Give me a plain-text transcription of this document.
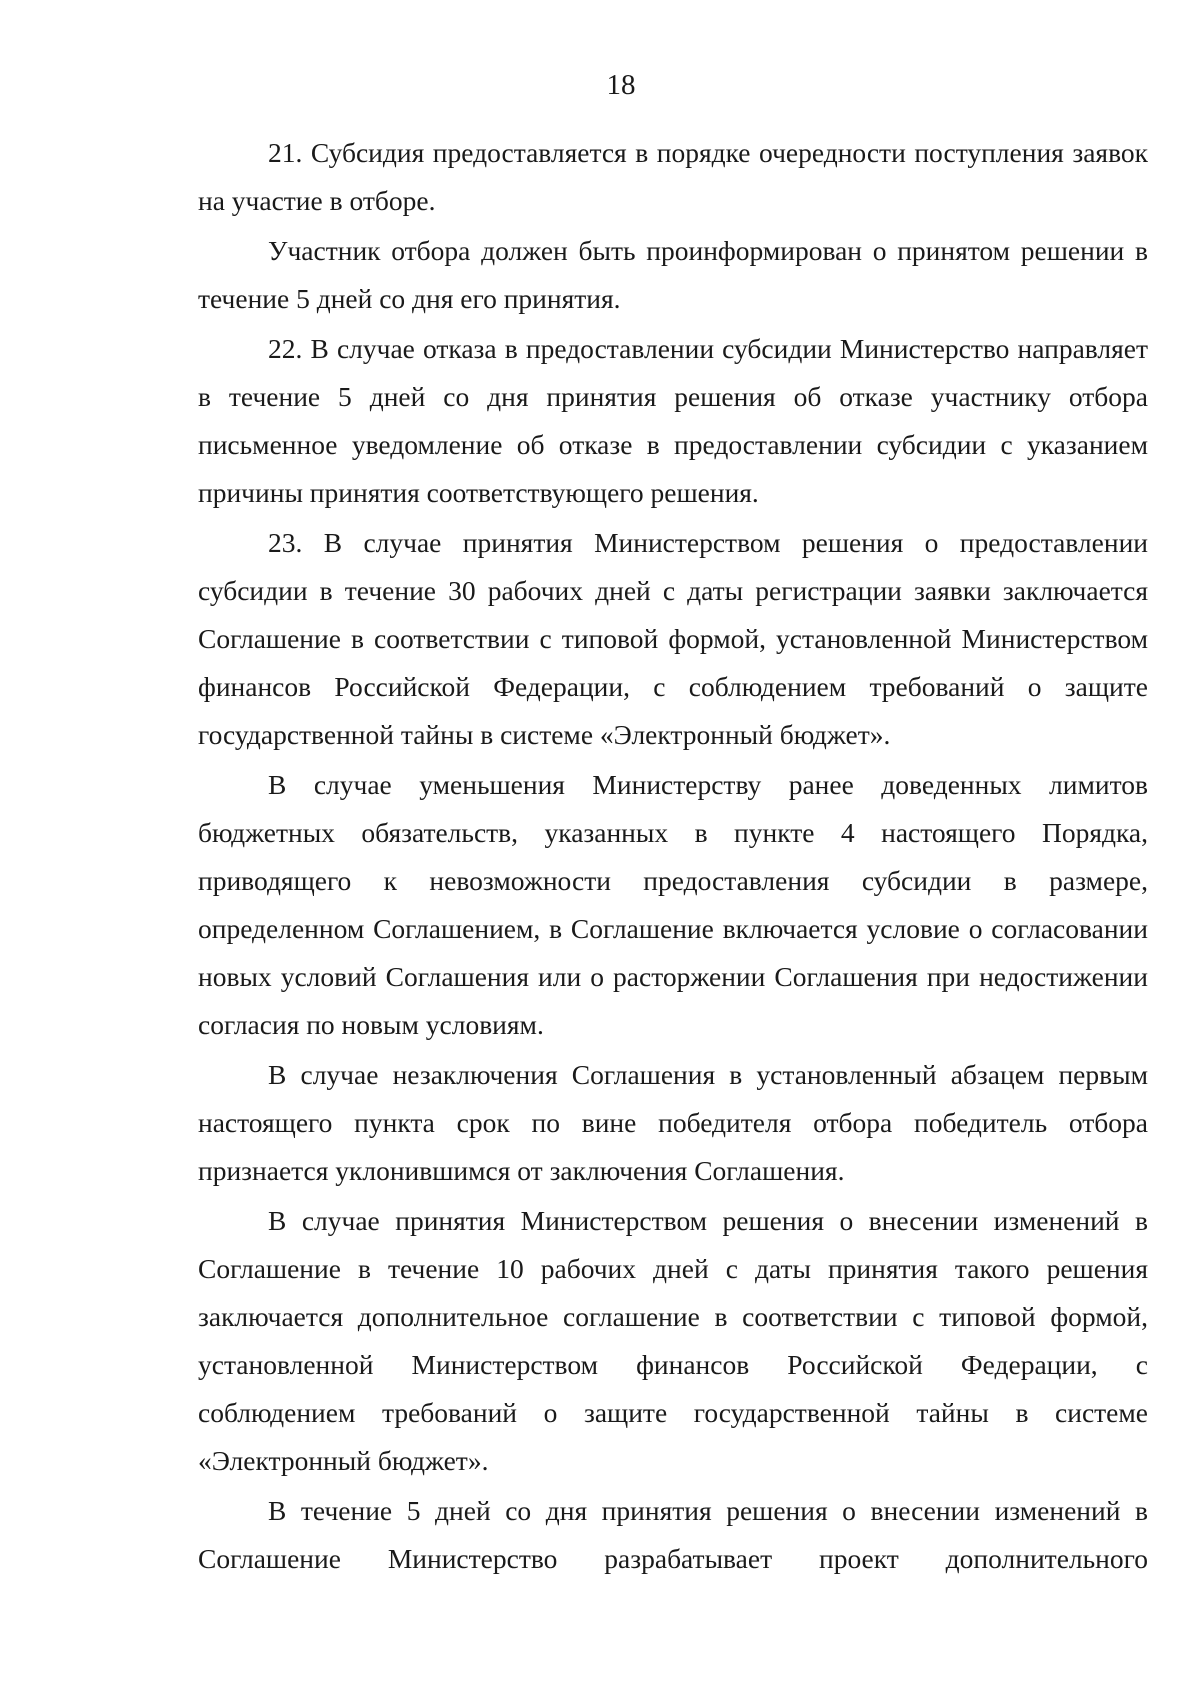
18

21. Субсидия предоставляется в порядке очередности поступления заявок на участие в отборе.

Участник отбора должен быть проинформирован о принятом решении в течение 5 дней со дня его принятия.

22. В случае отказа в предоставлении субсидии Министерство направляет в течение 5 дней со дня принятия решения об отказе участнику отбора письменное уведомление об отказе в предоставлении субсидии с указанием причины принятия соответствующего решения.

23. В случае принятия Министерством решения о предоставлении субсидии в течение 30 рабочих дней с даты регистрации заявки заключается Соглашение в соответствии с типовой формой, установленной Министерством финансов Российской Федерации, с соблюдением требований о защите государственной тайны в системе «Электронный бюджет».

В случае уменьшения Министерству ранее доведенных лимитов бюджетных обязательств, указанных в пункте 4 настоящего Порядка, приводящего к невозможности предоставления субсидии в размере, определенном Соглашением, в Соглашение включается условие о согласовании новых условий Соглашения или о расторжении Соглашения при недостижении согласия по новым условиям.

В случае незаключения Соглашения в установленный абзацем первым настоящего пункта срок по вине победителя отбора победитель отбора признается уклонившимся от заключения Соглашения.

В случае принятия Министерством решения о внесении изменений в Соглашение в течение 10 рабочих дней с даты принятия такого решения заключается дополнительное соглашение в соответствии с типовой формой, установленной Министерством финансов Российской Федерации, с соблюдением требований о защите государственной тайны в системе «Электронный бюджет».

В течение 5 дней со дня принятия решения о внесении изменений в Соглашение Министерство разрабатывает проект дополнительного
